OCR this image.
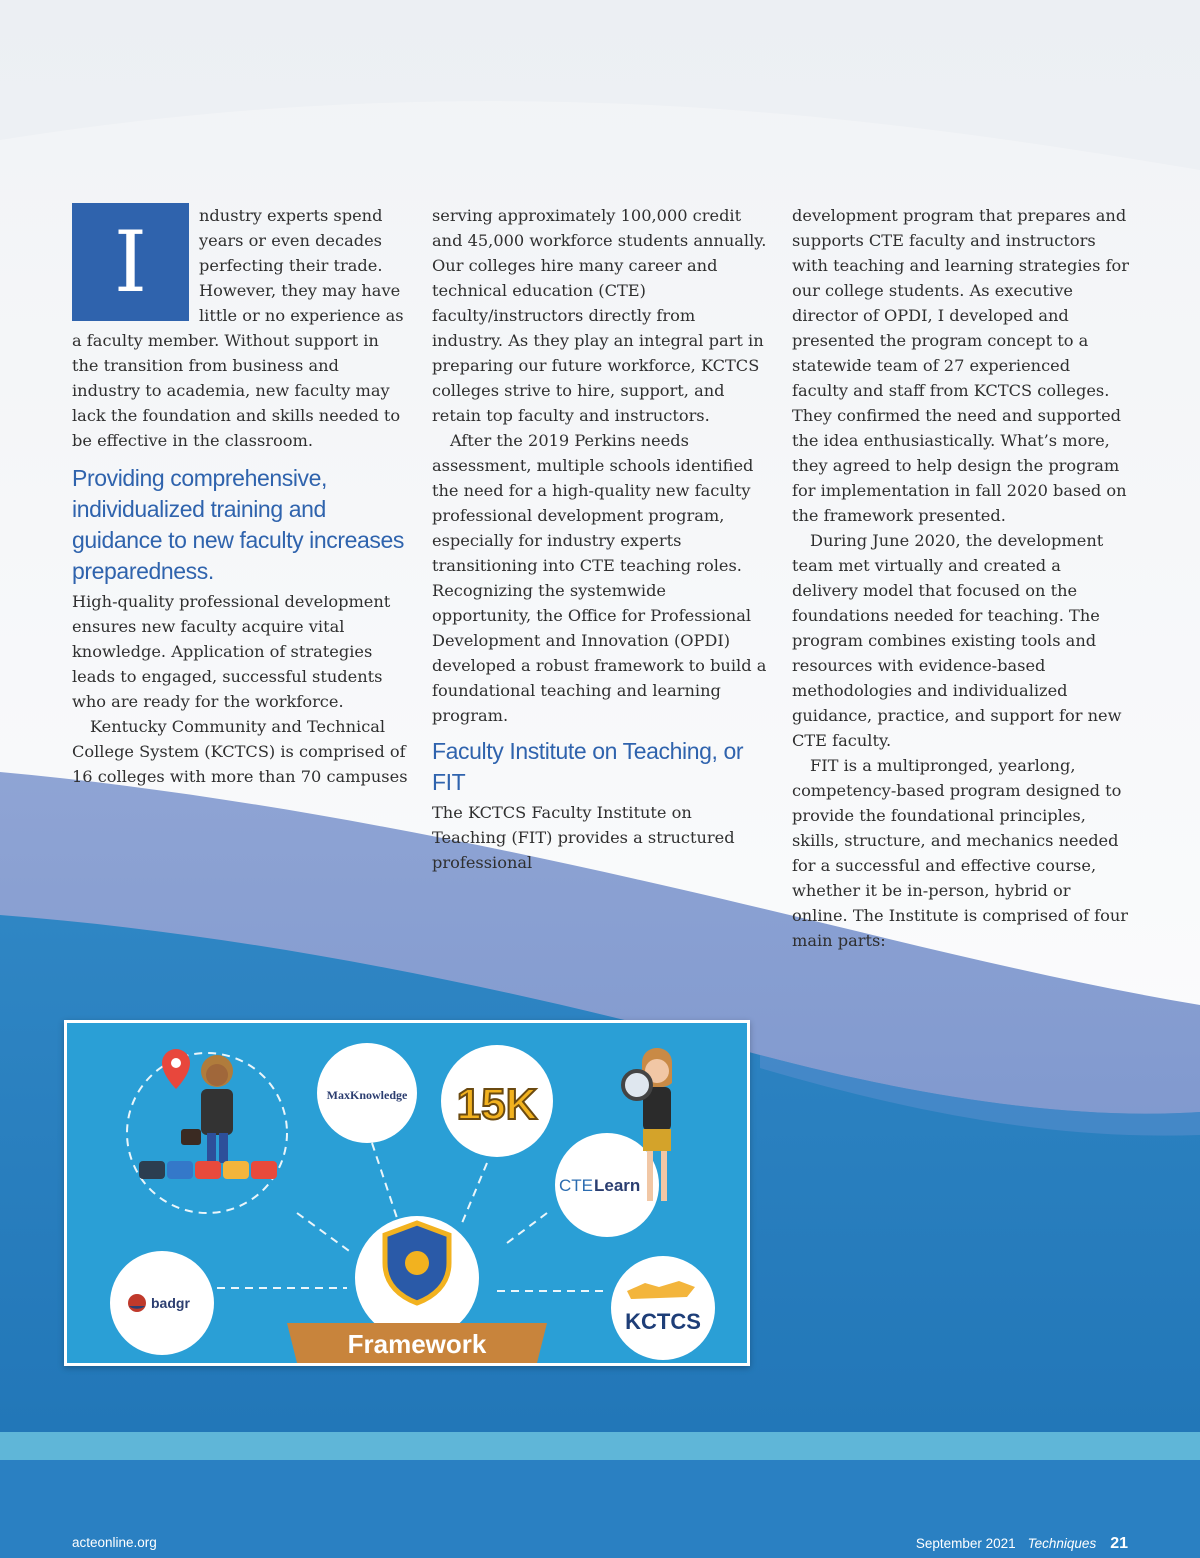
I	ndustry experts spend years or even decades perfecting their trade. However, they may have little or no experience as a faculty member. Without support in the transition from business and industry to academia, new faculty may lack the foundation and skills needed to be effective in the classroom.

Providing comprehensive, individualized training and guidance to new faculty increases preparedness.

High-quality professional development ensures new faculty acquire vital knowledge. Application of strategies leads to engaged, successful students who are ready for the workforce.

Kentucky Community and Technical College System (KCTCS) is comprised of 16 colleges with more than 70 campuses

serving approximately 100,000 credit and 45,000 workforce students annually. Our colleges hire many career and technical education (CTE) faculty/instructors directly from industry. As they play an integral part in preparing our future workforce, KCTCS colleges strive to hire, support, and retain top faculty and instructors.

After the 2019 Perkins needs assessment, multiple schools identified the need for a high-quality new faculty professional development program, especially for industry experts transitioning into CTE teaching roles. Recognizing the systemwide opportunity, the Office for Professional Development and Innovation (OPDI) developed a robust framework to build a foundational teaching and learning program.

Faculty Institute on Teaching, or FIT

The KCTCS Faculty Institute on Teaching (FIT) provides a structured professional

development program that prepares and supports CTE faculty and instructors with teaching and learning strategies for our college students. As executive director of OPDI, I developed and presented the program concept to a statewide team of 27 experienced faculty and staff from KCTCS colleges. They confirmed the need and supported the idea enthusiastically. What’s more, they agreed to help design the program for implementation in fall 2020 based on the framework presented.

During June 2020, the development team met virtually and created a delivery model that focused on the foundations needed for teaching. The program combines existing tools and resources with evidence-based methodologies and individualized guidance, practice, and support for new CTE faculty.

FIT is a multipronged, yearlong, competency-based program designed to provide the foundational principles, skills, structure, and mechanics needed for a successful and effective course, whether it be in-person, hybrid or online. The Institute is comprised of four main parts:

MaxKnowledge 15K
CTE Learn
badgr
KCTCS
Framework
acteonline.org	September 2021 Techniques 21
